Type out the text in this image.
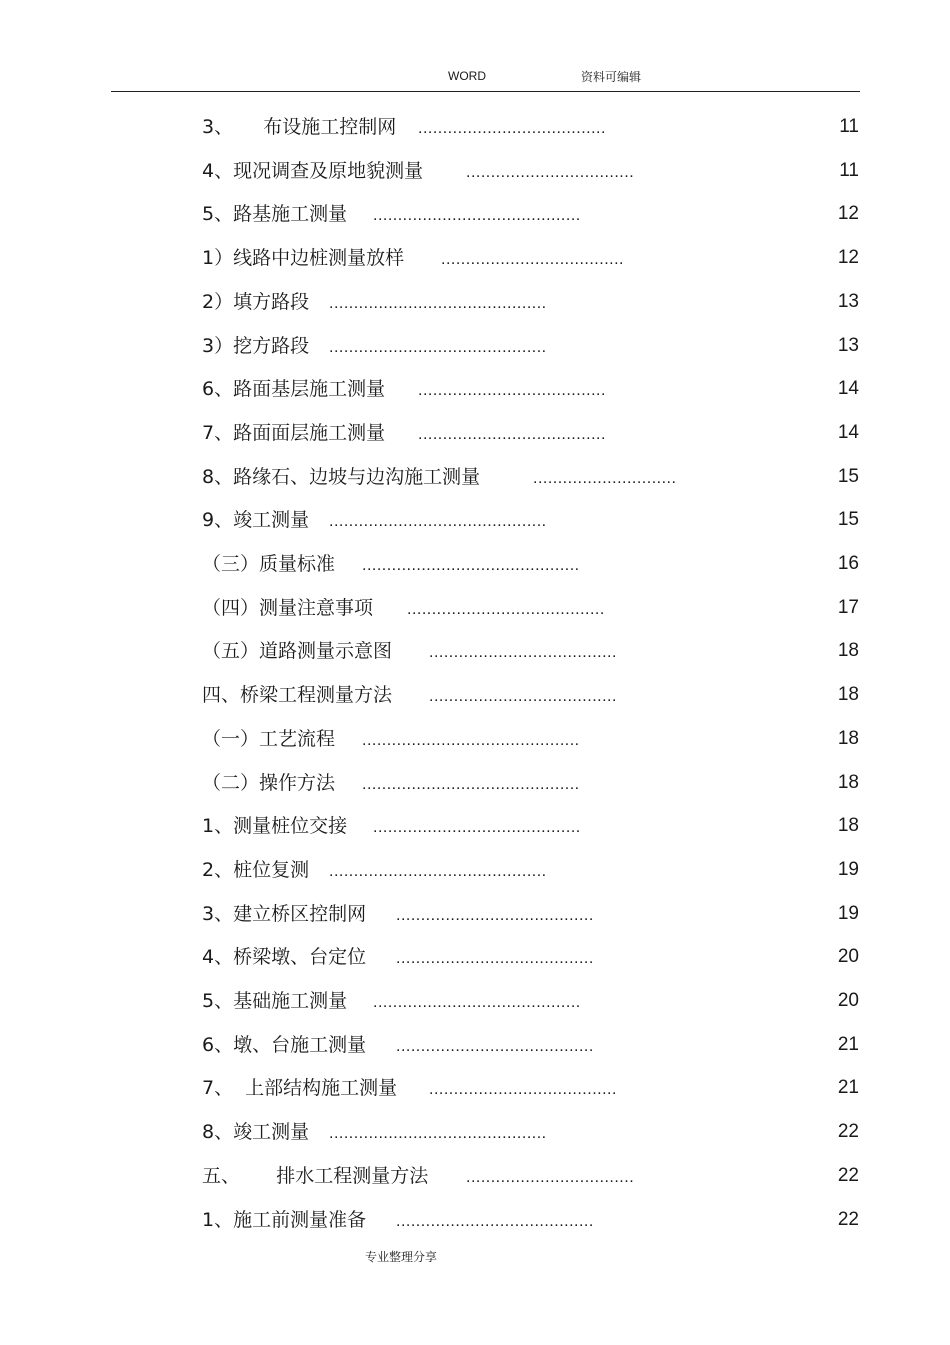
WORD	资料可编辑
3、     布设施工控制网 ......................................	11
4、现况调查及原地貌测量	..................................	11
5、路基施工测量 ..........................................	12
1）线路中边桩测量放样 .....................................	12
2）填方路段 ............................................	13
3）挖方路段 ............................................	13
6、路面基层施工测量 ......................................	14
7、路面面层施工测量 ......................................	14
8、路缘石、边坡与边沟施工测量	.............................	15
9、竣工测量 ............................................	15
（三）质量标准 ............................................	16
（四）测量注意事项 ........................................	17
（五）道路测量示意图 ......................................	18
四、桥梁工程测量方法 ......................................	18
（一）工艺流程 ............................................	18
（二）操作方法 ............................................	18
1、测量桩位交接 ..........................................	18
2、桩位复测 ............................................	19
3、建立桥区控制网 ........................................	19
4、桥梁墩、台定位 ........................................	20
5、基础施工测量 ..........................................	20
6、墩、台施工测量 ........................................	21
7、  上部结构施工测量 ......................................	21
8、竣工测量 ............................................	22
五、      排水工程测量方法 ..................................	22
1、施工前测量准备 ........................................	22
专业整理分享
